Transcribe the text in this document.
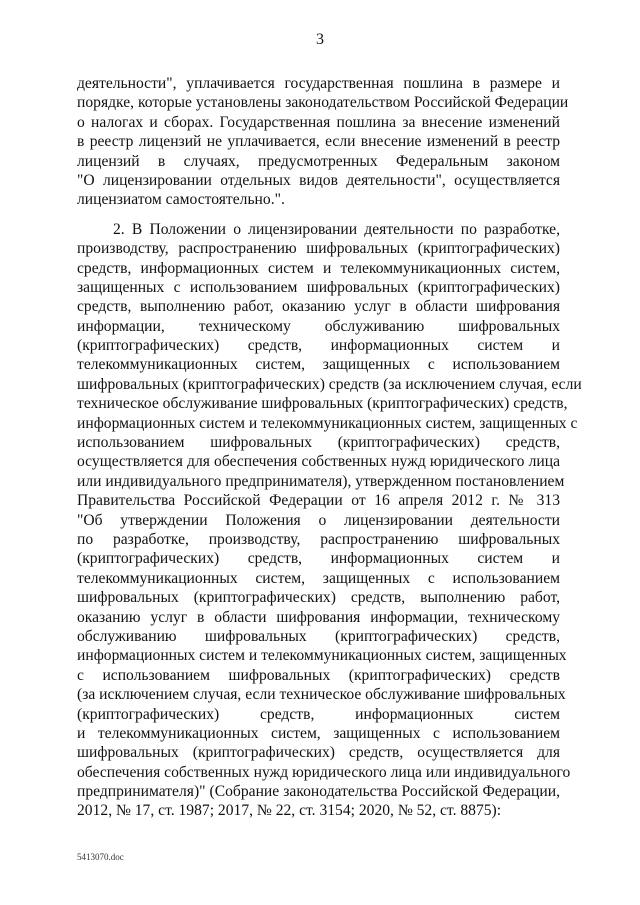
3
деятельности", уплачивается государственная пошлина в размере и
порядке, которые установлены законодательством Российской Федерации
о налогах и сборах. Государственная пошлина за внесение изменений
в реестр лицензий не уплачивается, если внесение изменений в реестр
лицензий в случаях, предусмотренных Федеральным законом
"О лицензировании отдельных видов деятельности", осуществляется
лицензиатом самостоятельно.".
2. В Положении о лицензировании деятельности по разработке,
производству, распространению шифровальных (криптографических)
средств, информационных систем и телекоммуникационных систем,
защищенных с использованием шифровальных (криптографических)
средств, выполнению работ, оказанию услуг в области шифрования
информации, техническому обслуживанию шифровальных
(криптографических) средств, информационных систем и
телекоммуникационных систем, защищенных с использованием
шифровальных (криптографических) средств (за исключением случая, если
техническое обслуживание шифровальных (криптографических) средств,
информационных систем и телекоммуникационных систем, защищенных с
использованием шифровальных (криптографических) средств,
осуществляется для обеспечения собственных нужд юридического лица
или индивидуального предпринимателя), утвержденном постановлением
Правительства Российской Федерации от 16 апреля 2012 г. № 313
"Об утверждении Положения о лицензировании деятельности
по разработке, производству, распространению шифровальных
(криптографических) средств, информационных систем и
телекоммуникационных систем, защищенных с использованием
шифровальных (криптографических) средств, выполнению работ,
оказанию услуг в области шифрования информации, техническому
обслуживанию шифровальных (криптографических) средств,
информационных систем и телекоммуникационных систем, защищенных
с использованием шифровальных (криптографических) средств
(за исключением случая, если техническое обслуживание шифровальных
(криптографических) средств, информационных систем
и телекоммуникационных систем, защищенных с использованием
шифровальных (криптографических) средств, осуществляется для
обеспечения собственных нужд юридического лица или индивидуального
предпринимателя)" (Собрание законодательства Российской Федерации,
2012, № 17, ст. 1987; 2017, № 22, ст. 3154; 2020, № 52, ст. 8875):
5413070.doc
